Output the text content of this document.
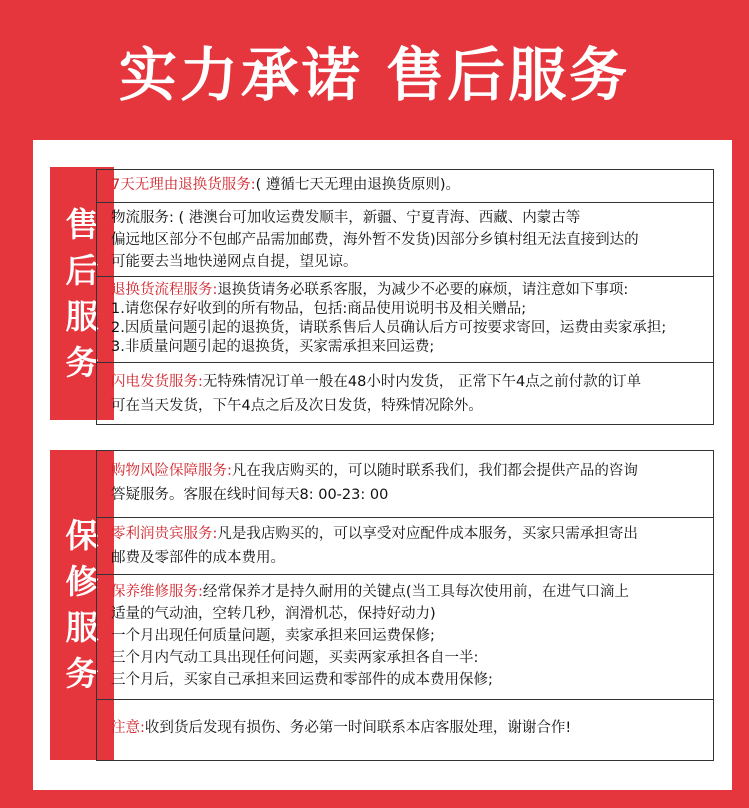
实力承诺 售后服务
售后服务
7天无理由退换货服务:( 遵循七天无理由退换货原则)。
物流服务: ( 港澳台可加收运费发顺丰，新疆、宁夏青海、西藏、内蒙古等
偏远地区部分不包邮产品需加邮费，海外暂不发货)因部分乡镇村组无法直接到达的
可能要去当地快递网点自提，望见谅。
退换货流程服务:退换货请务必联系客服，为减少不必要的麻烦，请注意如下事项:
1.请您保存好收到的所有物品，包括:商品使用说明书及相关赠品;
2.因质量问题引起的退换货，请联系售后人员确认后方可按要求寄回，运费由卖家承担;
3.非质量问题引起的退换货，买家需承担来回运费;
闪电发货服务:无特殊情况订单一般在48小时内发货， 正常下午4点之前付款的订单
可在当天发货，下午4点之后及次日发货，特殊情况除外。
保修服务
购物风险保障服务:凡在我店购买的，可以随时联系我们，我们都会提供产品的咨询
答疑服务。客服在线时间每天8: 00-23: 00
零利润贵宾服务:凡是我店购买的，可以享受对应配件成本服务，买家只需承担寄出
邮费及零部件的成本费用。
保养维修服务:经常保养才是持久耐用的关键点(当工具每次使用前，在进气口滴上
适量的气动油，空转几秒，润滑机芯，保持好动力)
一个月出现任何质量问题，卖家承担来回运费保修;
三个月内气动工具出现任何问题，买卖两家承担各自一半:
三个月后，买家自己承担来回运费和零部件的成本费用保修;
注意:收到货后发现有损伤、务必第一时间联系本店客服处理，谢谢合作!
